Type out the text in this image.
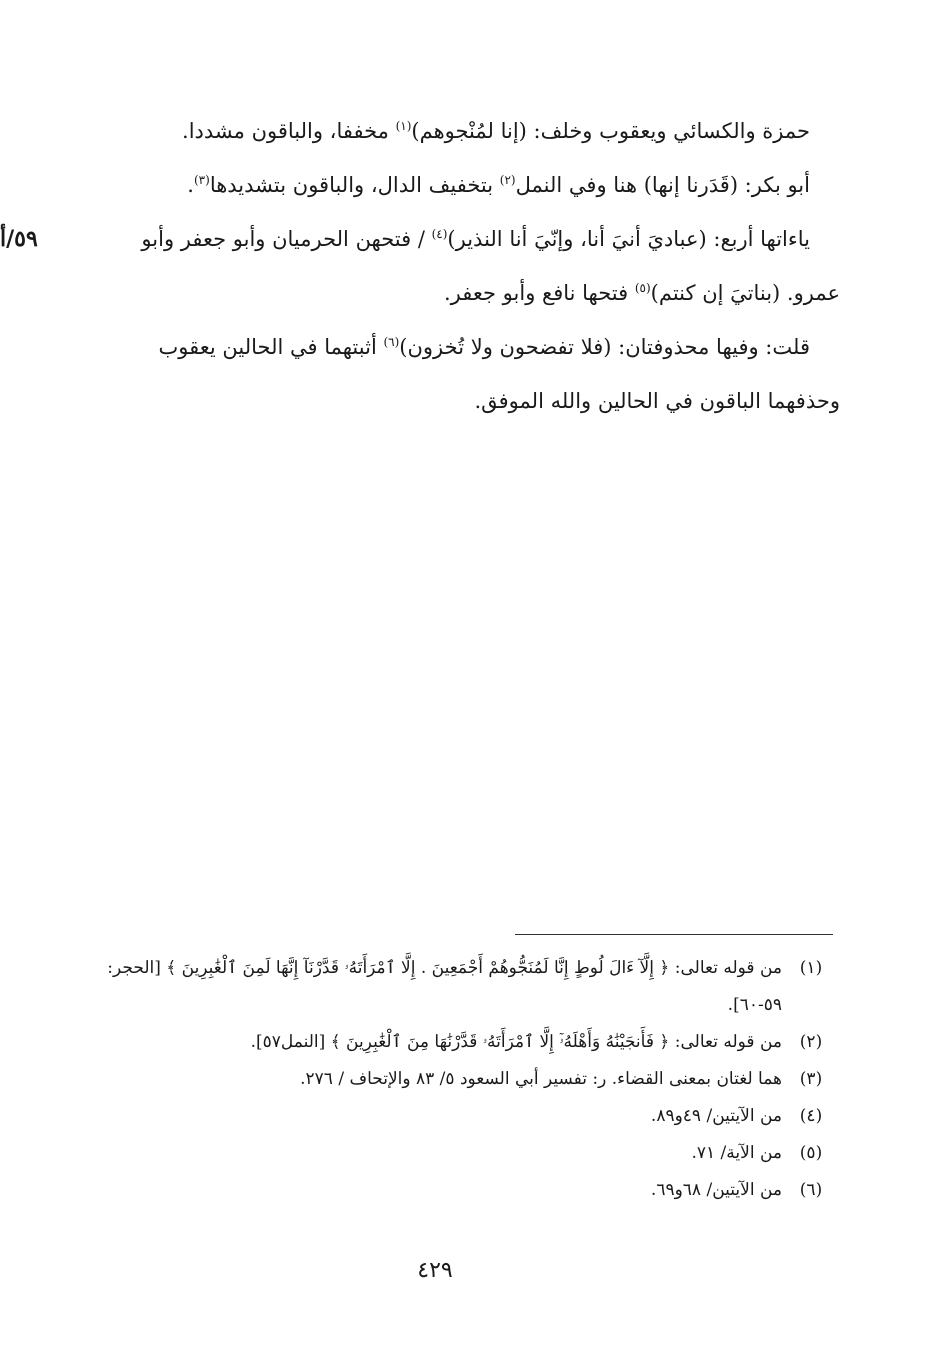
حمزة والكسائي ويعقوب وخلف: (إنا لمُنْجوهم)$^{(١)}$ مخففا، والباقون مشددا.

أبو بكر: (قَدَرنا إنها) هنا وفي النمل$^{(٢)}$ بتخفيف الدال، والباقون بتشديدها$^{(٣)}$.

ياءاتها أربع: (عباديَ أنيَ أنا، وإنّيَ أنا النذير)$^{(٤)}$ / فتحهن الحرميان وأبو جعفر وأبو

عمرو. (بناتيَ إن كنتم)$^{(٥)}$ فتحها نافع وأبو جعفر.

قلت: وفيها محذوفتان: (فلا تفضحون ولا تُخزون)$^{(٦)}$ أثبتهما في الحالين يعقوب

وحذفهما الباقون في الحالين والله الموفق.

٥٩/أ
(١)
من قوله تعالى: ﴿ إِلَّآ ءَالَ لُوطٍ إِنَّا لَمُنَجُّوهُمْ أَجْمَعِينَ . إِلَّا ٱمْرَأَتَهُۥ قَدَّرْنَآ إِنَّهَا لَمِنَ ٱلْغَٰبِرِينَ ﴾ [الحجر: ٥٩-٦٠].
(٢)
من قوله تعالى: ﴿ فَأَنجَيْنَٰهُ وَأَهْلَهُۥٓ إِلَّا ٱمْرَأَتَهُۥ قَدَّرْنَٰهَا مِنَ ٱلْغَٰبِرِينَ ﴾ [النمل٥٧].
(٣)
هما لغتان بمعنى القضاء. ر: تفسير أبي السعود ٥/ ٨٣ والإتحاف / ٢٧٦.
(٤)
من الآيتين/ ٤٩و٨٩.
(٥)
من الآية/ ٧١.
(٦)
من الآيتين/ ٦٨و٦٩.
٤٢٩
